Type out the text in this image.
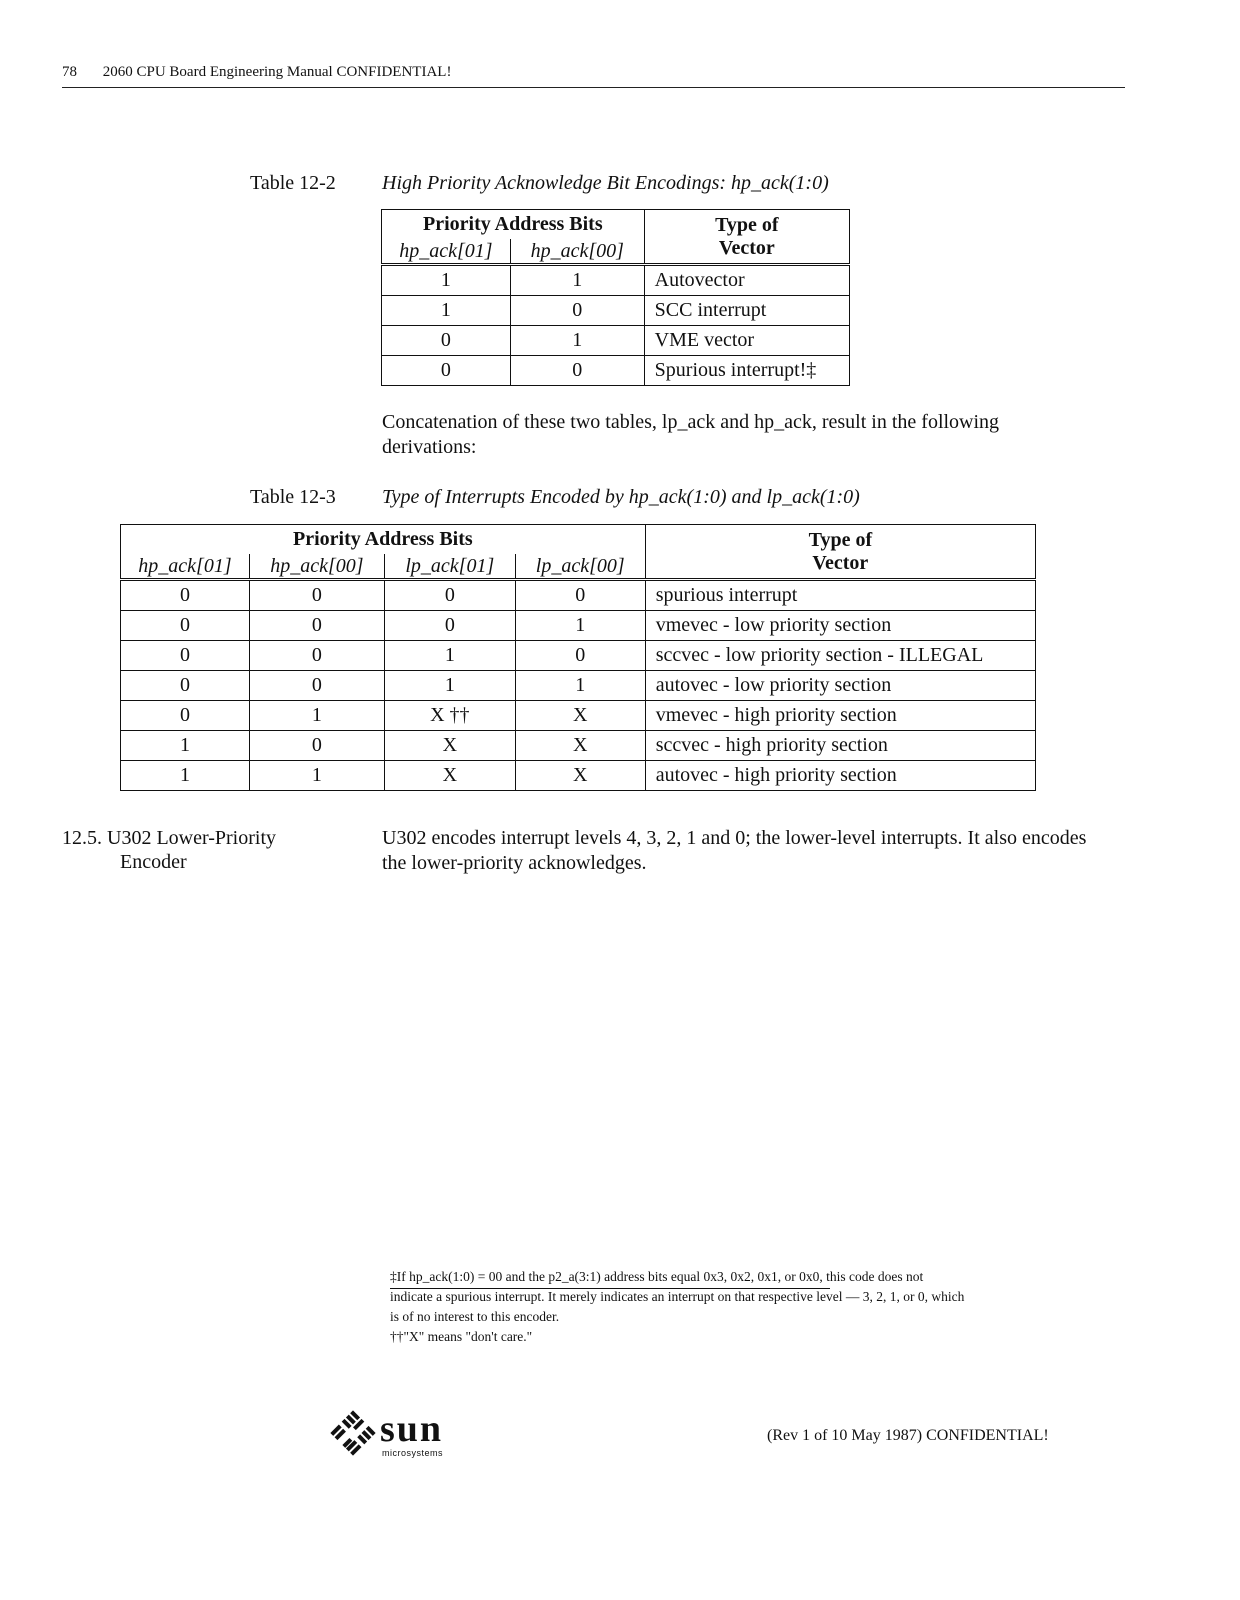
78 2060 CPU Board Engineering Manual CONFIDENTIAL!
Table 12-2 High Priority Acknowledge Bit Encodings: hp_ack(1:0)
Priority Address Bits		Type of
Vector
hp_ack[01]	hp_ack[00]	
1	1	Autovector
1	0	SCC interrupt
0	1	VME vector
0	0	Spurious interrupt!‡
Concatenation of these two tables, lp_ack and hp_ack, result in the following derivations:
Table 12-3 Type of Interrupts Encoded by hp_ack(1:0) and lp_ack(1:0)
Priority Address Bits				Type of
Vector
hp_ack[01]	hp_ack[00]	lp_ack[01]	lp_ack[00]	
0	0	0	0	spurious interrupt
0	0	0	1	vmevec - low priority section
0	0	1	0	sccvec - low priority section - ILLEGAL
0	0	1	1	autovec - low priority section
0	1	X ††	X	vmevec - high priority section
1	0	X	X	sccvec - high priority section
1	1	X	X	autovec - high priority section
12.5. U302 Lower-Priority
Encoder
U302 encodes interrupt levels 4, 3, 2, 1 and 0; the lower-level interrupts. It also encodes the lower-priority acknowledges.
‡If hp_ack(1:0) = 00 and the p2_a(3:1) address bits equal 0x3, 0x2, 0x1, or 0x0, this code does not
indicate a spurious interrupt. It merely indicates an interrupt on that respective level — 3, 2, 1, or 0, which
is of no interest to this encoder.
††"X" means "don't care."
sun
microsystems
(Rev 1 of 10 May 1987) CONFIDENTIAL!
